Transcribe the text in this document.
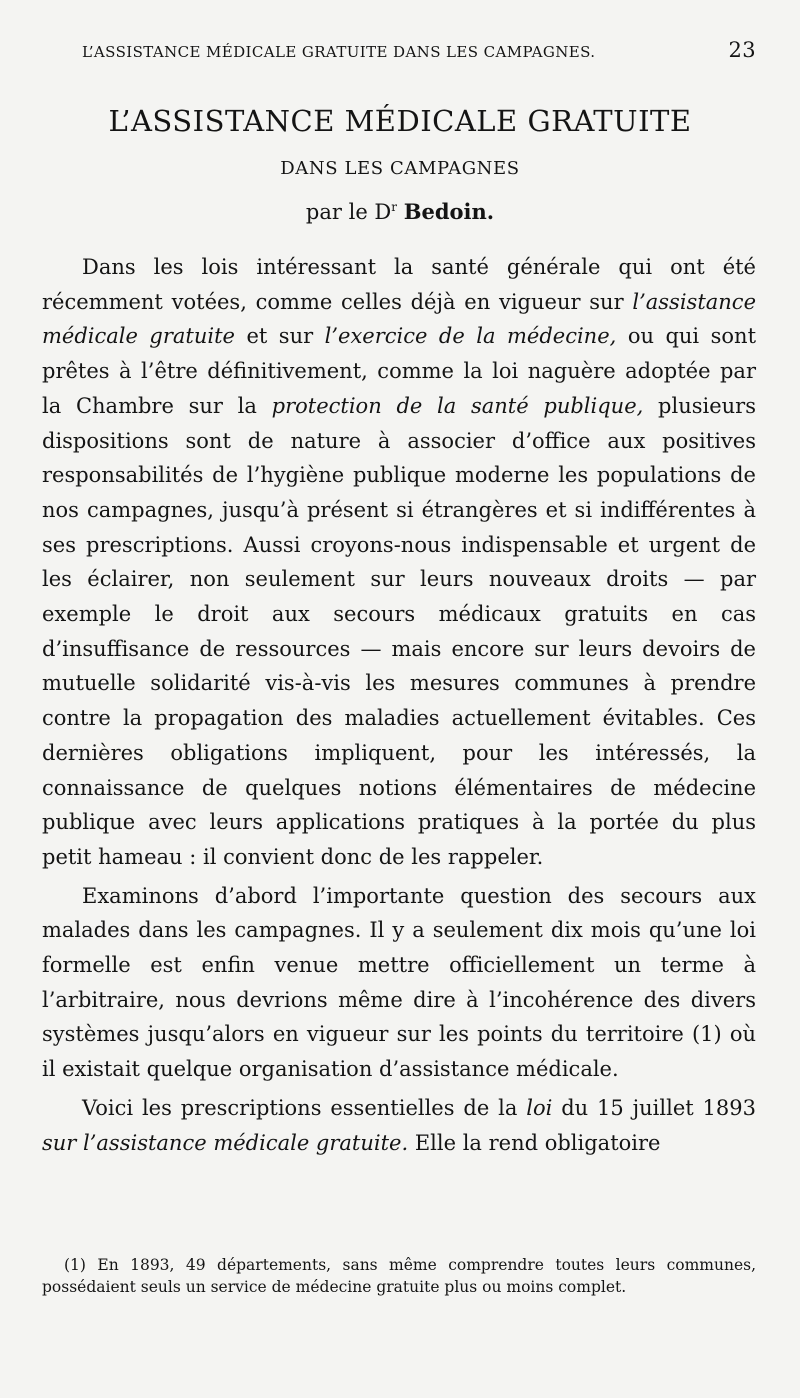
L’ASSISTANCE MÉDICALE GRATUITE DANS LES CAMPAGNES.	23
L’ASSISTANCE MÉDICALE GRATUITE
DANS LES CAMPAGNES
par le $D^r$ Bedoin.

Dans les lois intéressant la santé générale qui ont été récemment votées, comme celles déjà en vigueur sur l’assistance médicale gratuite et sur l’exercice de la médecine, ou qui sont prêtes à l’être définitivement, comme la loi naguère adoptée par la Chambre sur la protection de la santé publique, plusieurs dispositions sont de nature à associer d’office aux positives responsabilités de l’hygiène publique moderne les populations de nos campagnes, jusqu’à présent si étrangères et si indifférentes à ses prescriptions. Aussi croyons-nous indispensable et urgent de les éclairer, non seulement sur leurs nouveaux droits — par exemple le droit aux secours médicaux gratuits en cas d’insuffisance de ressources — mais encore sur leurs devoirs de mutuelle solidarité vis-à-vis les mesures communes à prendre contre la propagation des maladies actuellement évitables. Ces dernières obligations impliquent, pour les intéressés, la connaissance de quelques notions élémentaires de médecine publique avec leurs applications pratiques à la portée du plus petit hameau : il convient donc de les rappeler.

Examinons d’abord l’importante question des secours aux malades dans les campagnes. Il y a seulement dix mois qu’une loi formelle est enfin venue mettre officiellement un terme à l’arbitraire, nous devrions même dire à l’incohérence des divers systèmes jusqu’alors en vigueur sur les points du territoire (1) où il existait quelque organisation d’assistance médicale.

Voici les prescriptions essentielles de la loi du 15 juillet 1893 sur l’assistance médicale gratuite. Elle la rend obligatoire

(1) En 1893, 49 départements, sans même comprendre toutes leurs communes, possédaient seuls un service de médecine gratuite plus ou moins complet.
